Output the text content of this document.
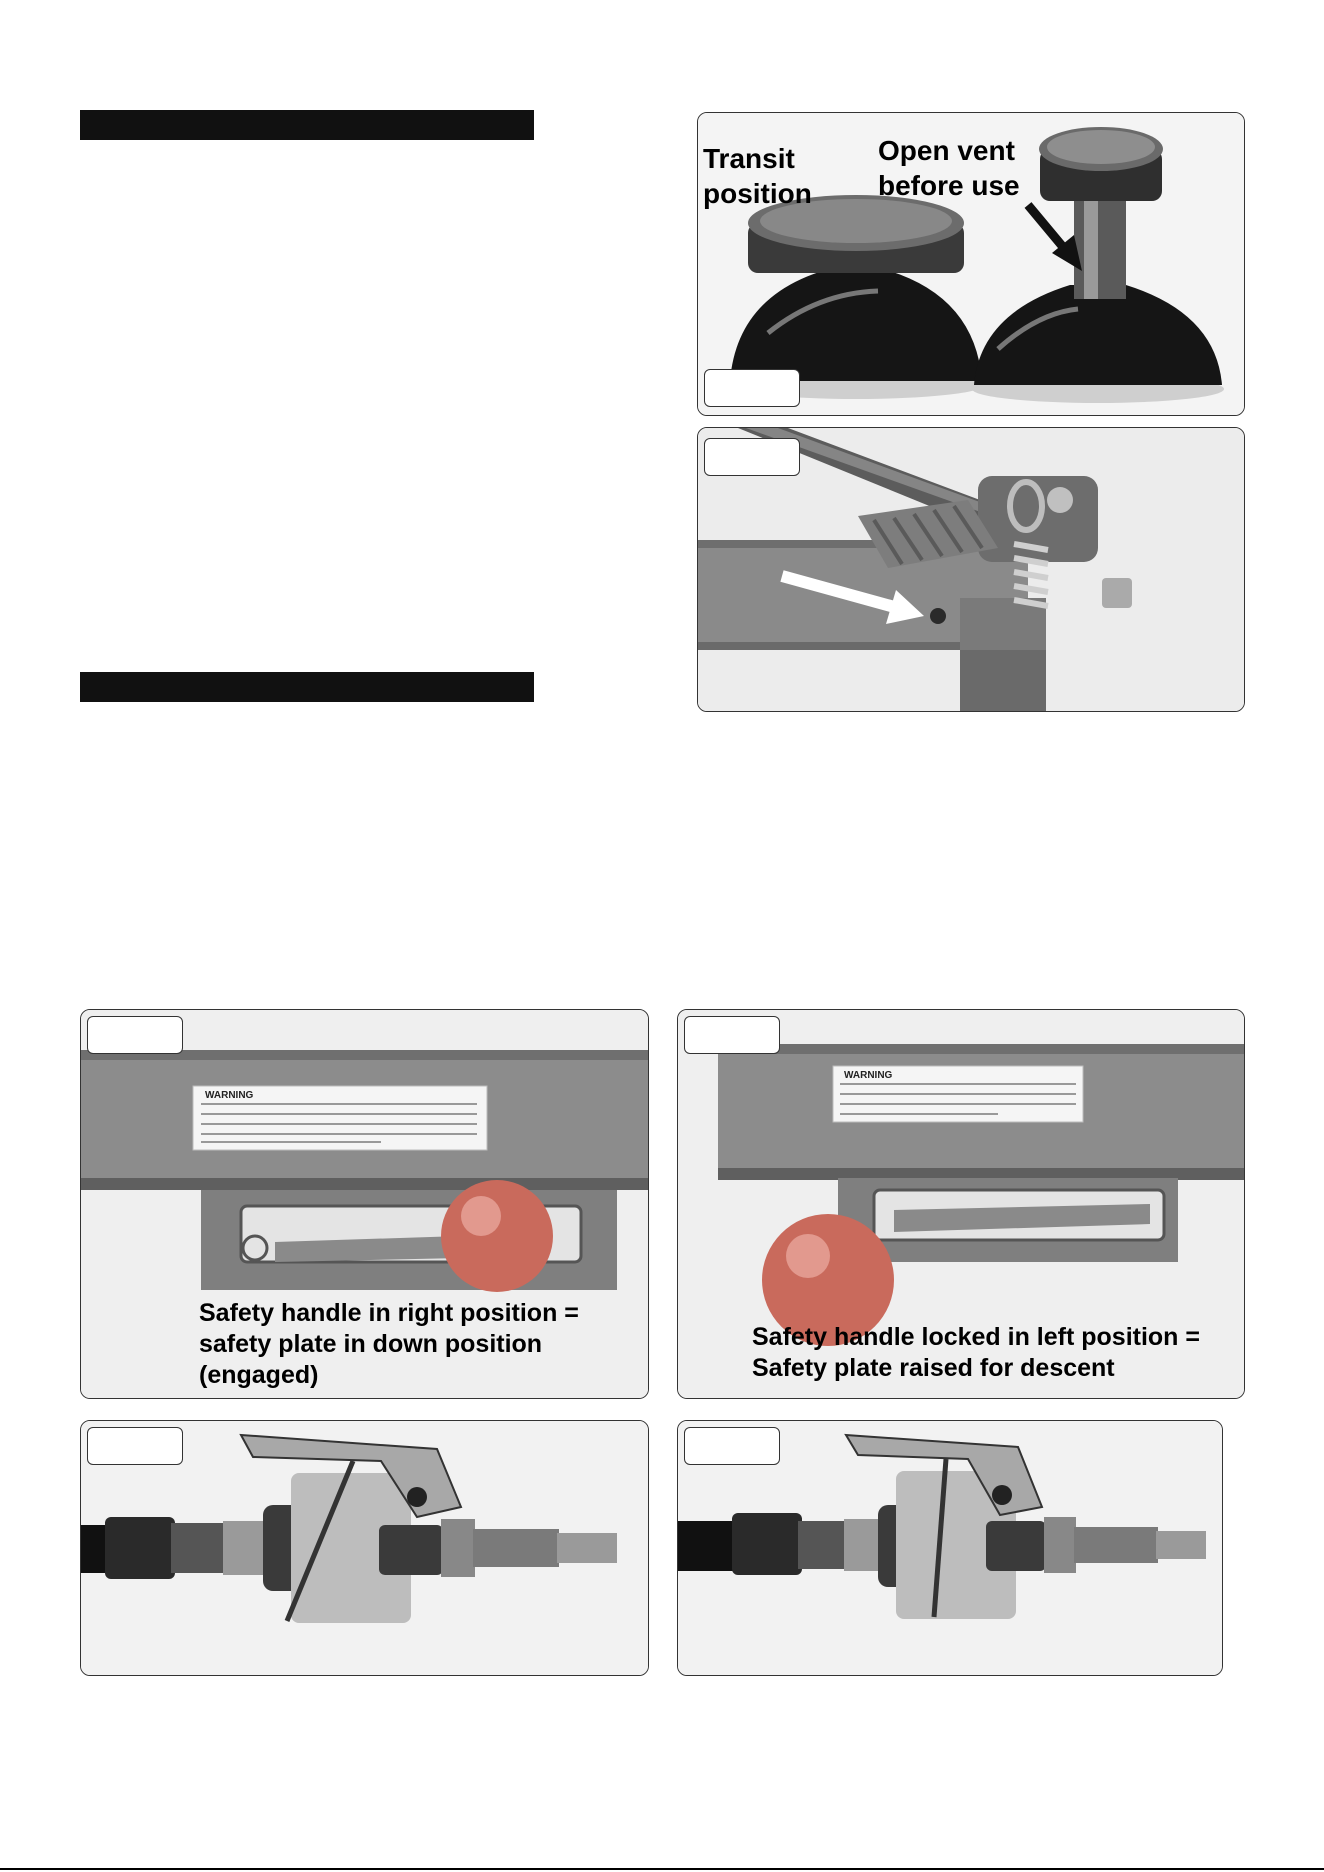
Transit
position
Open vent
before use
WARNING
Safety handle in right position =
safety plate in down position
(engaged)
WARNING
Safety handle locked in left position =
Safety plate raised for descent
